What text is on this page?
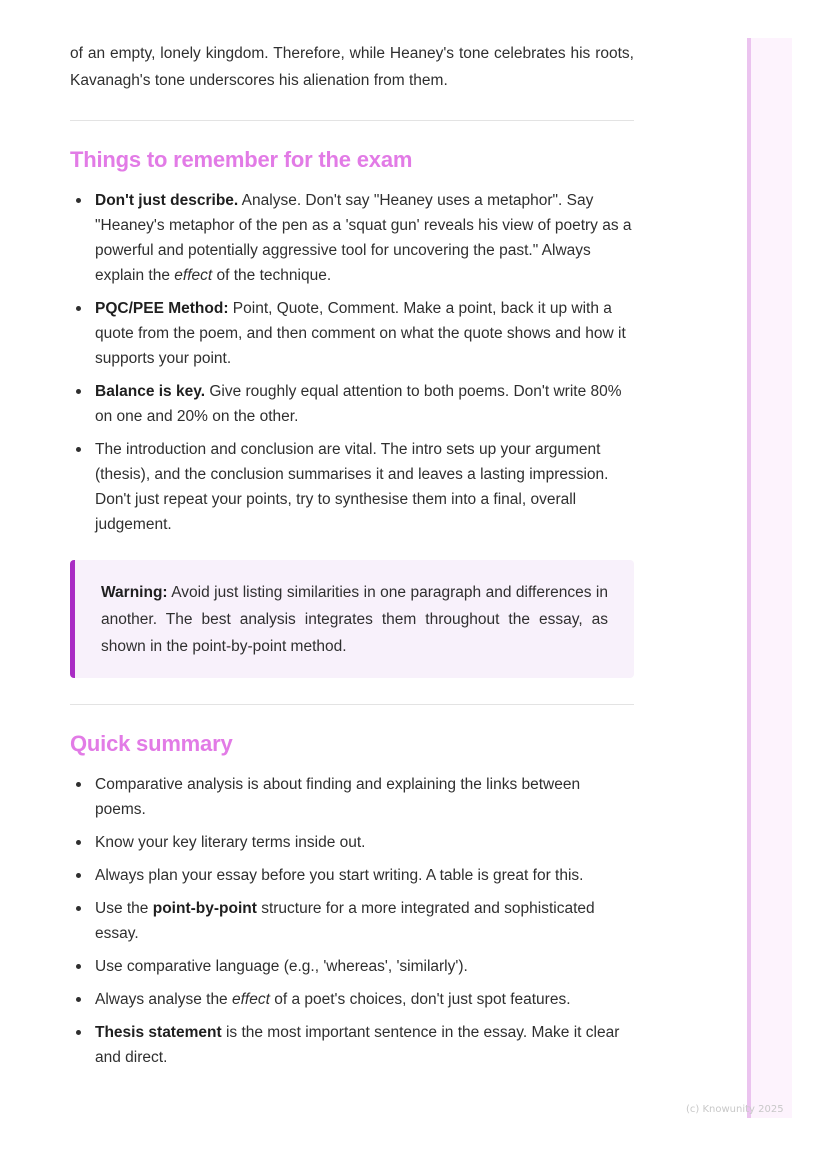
of an empty, lonely kingdom. Therefore, while Heaney's tone celebrates his roots, Kavanagh's tone underscores his alienation from them.

Things to remember for the exam
Don't just describe. Analyse. Don't say "Heaney uses a metaphor". Say "Heaney's metaphor of the pen as a 'squat gun' reveals his view of poetry as a powerful and potentially aggressive tool for uncovering the past." Always explain the effect of the technique.
PQC/PEE Method: Point, Quote, Comment. Make a point, back it up with a quote from the poem, and then comment on what the quote shows and how it supports your point.
Balance is key. Give roughly equal attention to both poems. Don't write 80% on one and 20% on the other.
The introduction and conclusion are vital. The intro sets up your argument (thesis), and the conclusion summarises it and leaves a lasting impression. Don't just repeat your points, try to synthesise them into a final, overall judgement.
Warning: Avoid just listing similarities in one paragraph and differences in another. The best analysis integrates them throughout the essay, as shown in the point-by-point method.
Quick summary
Comparative analysis is about finding and explaining the links between poems.
Know your key literary terms inside out.
Always plan your essay before you start writing. A table is great for this.
Use the point-by-point structure for a more integrated and sophisticated essay.
Use comparative language (e.g., 'whereas', 'similarly').
Always analyse the effect of a poet's choices, don't just spot features.
Thesis statement is the most important sentence in the essay. Make it clear and direct.
(c) Knowunity 2025
